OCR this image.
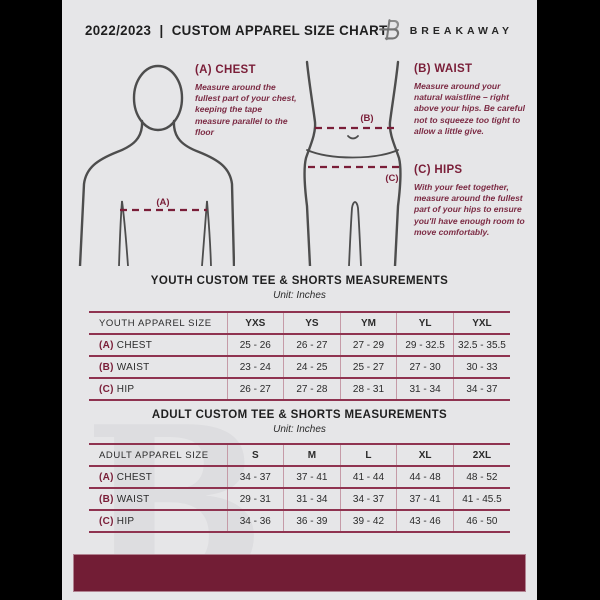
2022/2023  |  CUSTOM APPAREL SIZE CHART BREAKAWAY
(A)
(B)
(C)
(A) CHEST

Measure around the fullest part of your chest, keeping the tape measure parallel to the floor

(B) WAIST

Measure around your natural waistline – right above your hips. Be careful not to squeeze too tight to allow a little give.

(C) HIPS

With your feet together, measure around the fullest part of your hips to ensure you'll have enough room to move comfortably.

YOUTH CUSTOM TEE & SHORTS MEASUREMENTS
Unit: Inches
YOUTH APPAREL SIZE	YXS	YS	YM	YL	YXL
(A) CHEST	25 - 26	26 - 27	27 - 29	29 - 32.5	32.5 - 35.5
(B) WAIST	23 - 24	24 - 25	25 - 27	27 - 30	30 - 33
(C) HIP	26 - 27	27 - 28	28 - 31	31 - 34	34 - 37
ADULT CUSTOM TEE & SHORTS MEASUREMENTS
Unit: Inches
ADULT APPAREL SIZE	S	M	L	XL	2XL
(A) CHEST	34 - 37	37 - 41	41 - 44	44 - 48	48 - 52
(B) WAIST	29 - 31	31 - 34	34 - 37	37 - 41	41 - 45.5
(C) HIP	34 - 36	36 - 39	39 - 42	43 - 46	46 - 50
